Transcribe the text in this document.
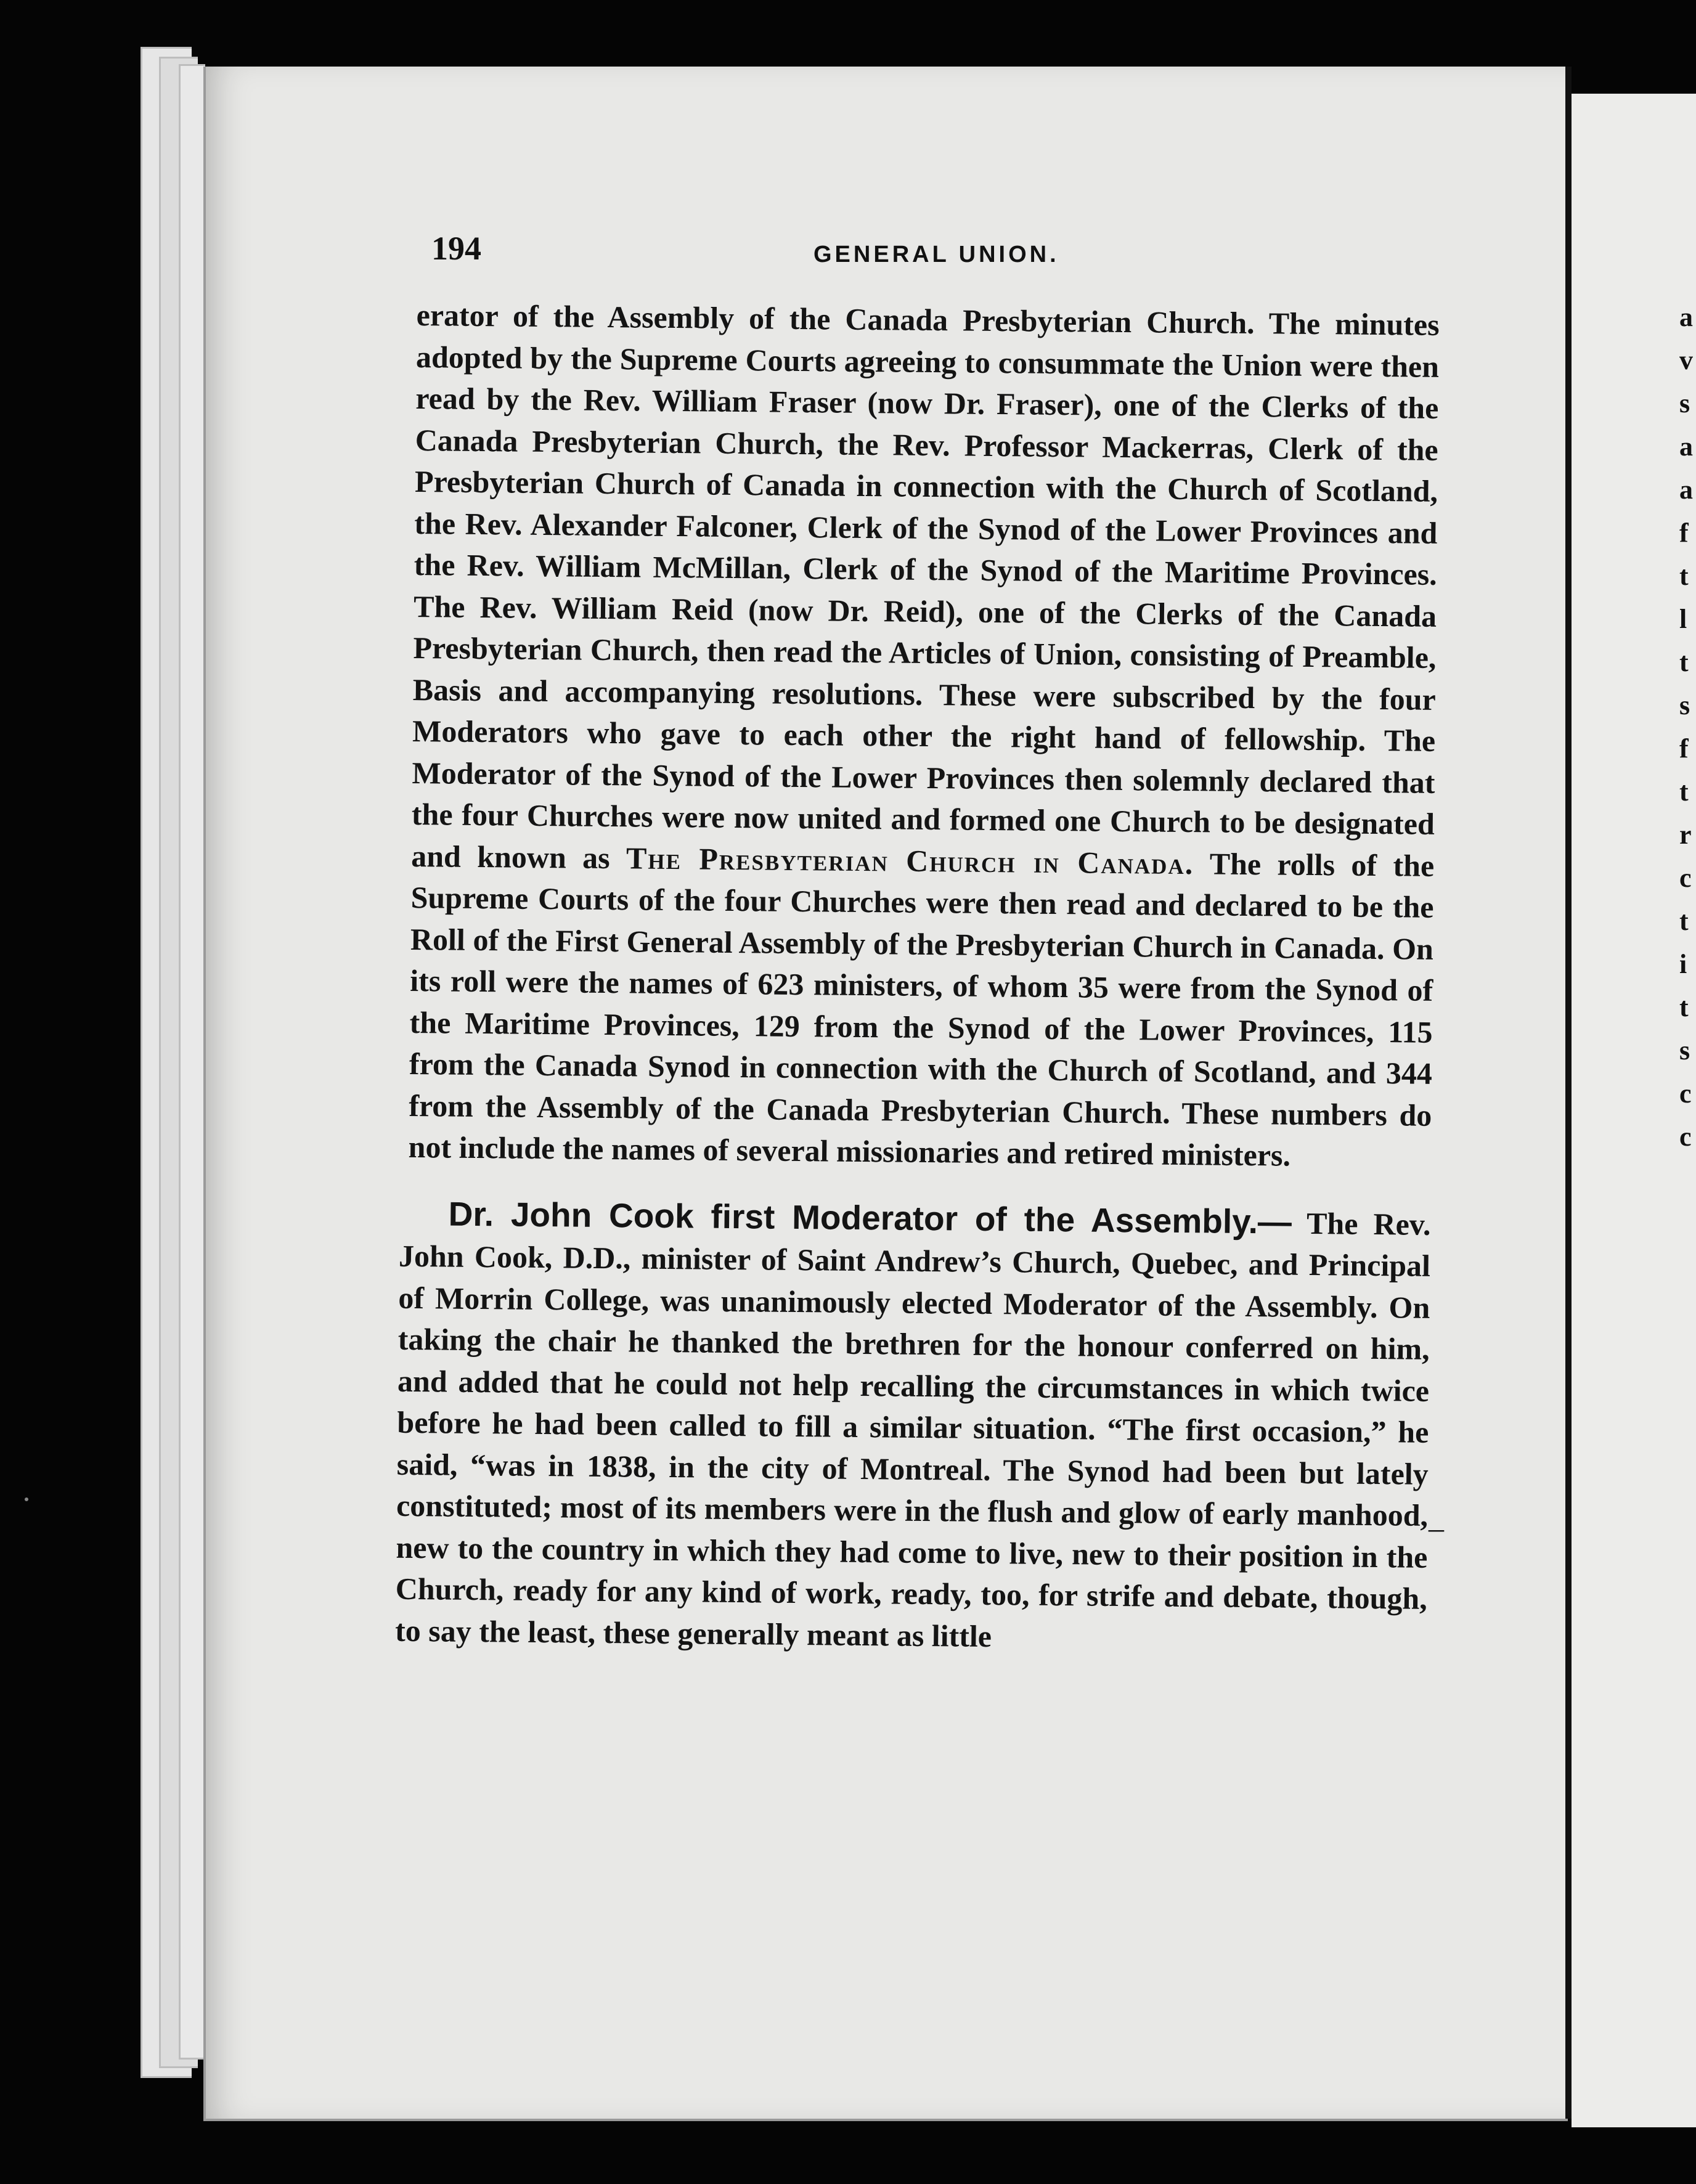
a
v
s
a
a
f
t
l
t
s
f
t
r
c
t
i
t
s
c
c
194	GENERAL UNION.

erator of the Assembly of the Canada Presbyterian Church. The minutes adopted by the Supreme Courts agreeing to consummate the Union were then read by the Rev. William Fraser (now Dr. Fraser), one of the Clerks of the Canada Presbyterian Church, the Rev. Professor Mackerras, Clerk of the Presbyterian Church of Canada in connection with the Church of Scotland, the Rev. Alexander Falconer, Clerk of the Synod of the Lower Provinces and the Rev. William McMillan, Clerk of the Synod of the Maritime Provinces. The Rev. William Reid (now Dr. Reid), one of the Clerks of the Canada Presbyterian Church, then read the Articles of Union, consisting of Preamble, Basis and accompanying resolutions. These were subscribed by the four Moderators who gave to each other the right hand of fellowship. The Moderator of the Synod of the Lower Provinces then solemnly declared that the four Churches were now united and formed one Church to be designated and known as The Presbyterian Church in Canada. The rolls of the Supreme Courts of the four Churches were then read and declared to be the Roll of the First General Assembly of the Presbyterian Church in Canada. On its roll were the names of 623 ministers, of whom 35 were from the Synod of the Maritime Provinces, 129 from the Synod of the Lower Provinces, 115 from the Canada Synod in connection with the Church of Scotland, and 344 from the Assembly of the Canada Presbyterian Church. These numbers do not include the names of several missionaries and retired ministers.

Dr. John Cook first Moderator of the Assembly.— The Rev. John Cook, D.D., minister of Saint Andrew’s Church, Quebec, and Principal of Morrin College, was unanimously elected Moderator of the Assembly. On taking the chair he thanked the brethren for the honour conferred on him, and added that he could not help recalling the circumstances in which twice before he had been called to fill a similar situation. “The first occasion,” he said, “was in 1838, in the city of Montreal. The Synod had been but lately constituted; most of its members were in the flush and glow of early manhood, new to the country in which they had come to live, new to their position in the Church, ready for any kind of work, ready, too, for strife and debate, though, to say the least, these generally meant as little

–
